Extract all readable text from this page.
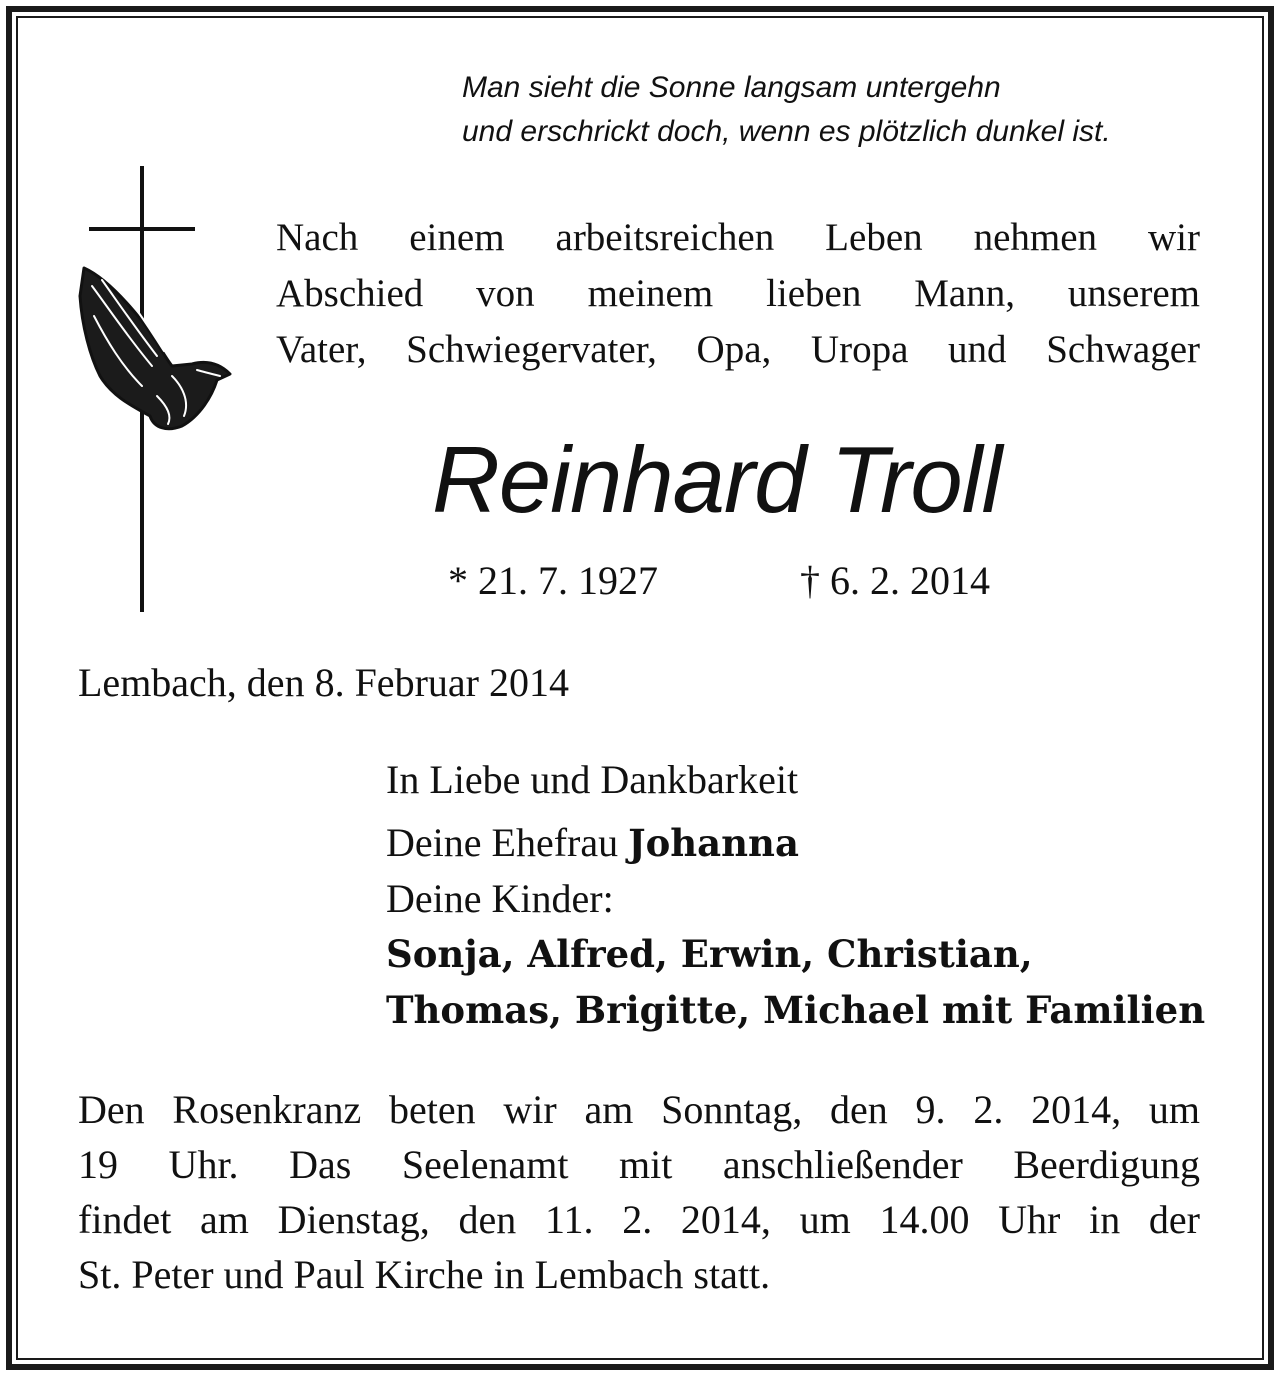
Man sieht die Sonne langsam untergehn
und erschrickt doch, wenn es plötzlich dunkel ist.
Nach einem arbeitsreichen Leben nehmen wir
Abschied von meinem lieben Mann, unserem
Vater, Schwiegervater, Opa, Uropa und Schwager
Reinhard Troll
* 21. 7. 1927	† 6. 2. 2014
Lembach, den 8. Februar 2014
In Liebe und Dankbarkeit
Deine Ehefrau Johanna
Deine Kinder:
Sonja, Alfred, Erwin, Christian,
Thomas, Brigitte, Michael mit Familien
Den Rosenkranz beten wir am Sonntag, den 9. 2. 2014, um
19 Uhr. Das Seelenamt mit anschließender Beerdigung
findet am Dienstag, den 11. 2. 2014, um 14.00 Uhr in der
St. Peter und Paul Kirche in Lembach statt.
